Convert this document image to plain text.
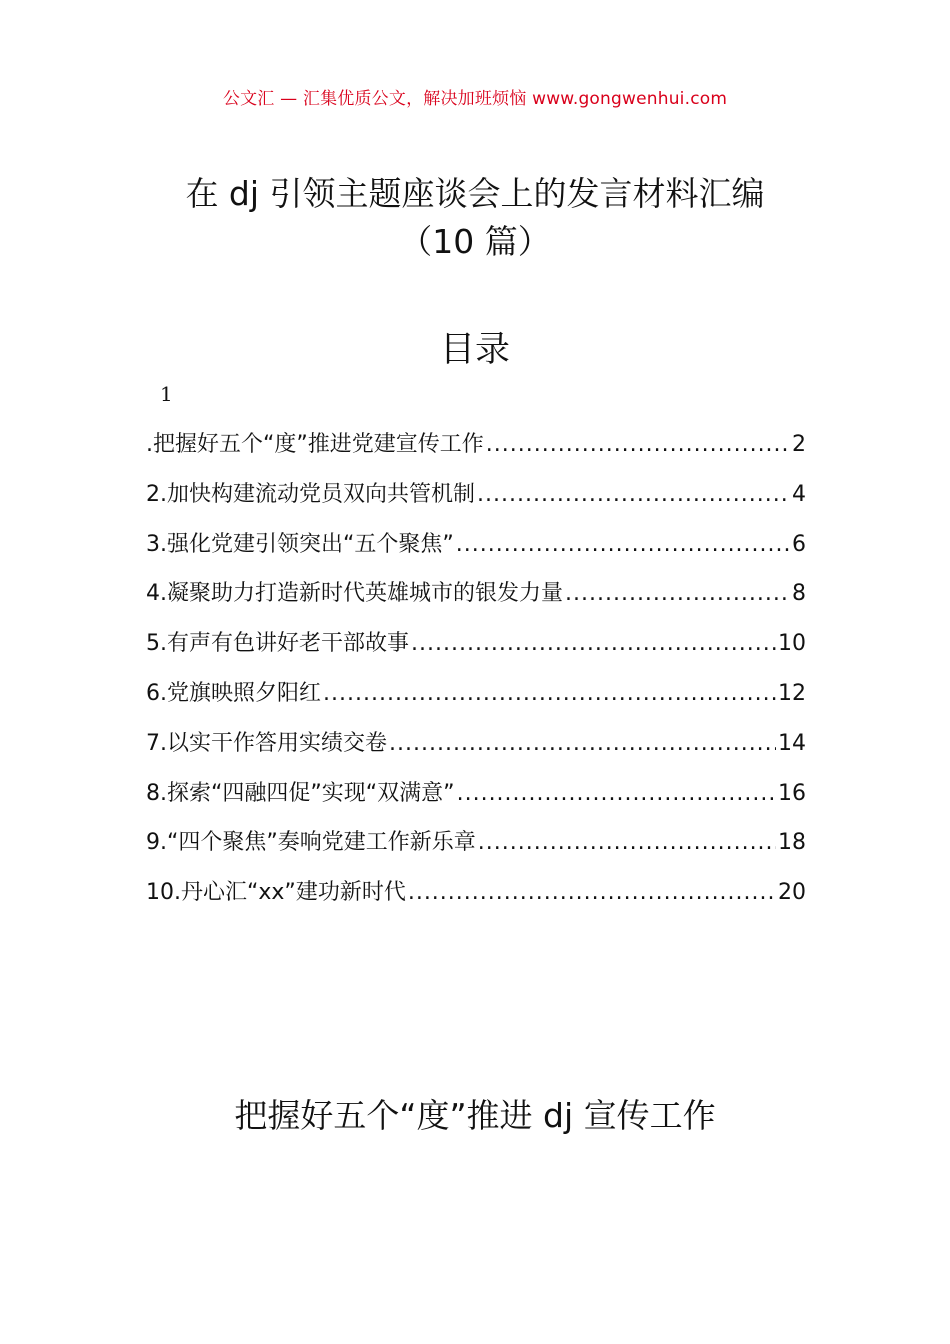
公文汇 — 汇集优质公文，解决加班烦恼 www.gongwenhui.com
在 dj 引领主题座谈会上的发言材料汇编
（10 篇）
目录
1
.把握好五个“度”推进党建宣传工作 .....	2
2.加快构建流动党员双向共管机制 .....	4
3.强化党建引领突出“五个聚焦” .....	6
4.凝聚助力打造新时代英雄城市的银发力量 .....	8
5.有声有色讲好老干部故事 .....	10
6.党旗映照夕阳红 .....	12
7.以实干作答用实绩交卷 .....	14
8.探索“四融四促”实现“双满意” .....	16
9.“四个聚焦”奏响党建工作新乐章 .....	18
10.丹心汇“xx”建功新时代 .....	20
把握好五个“度”推进 dj 宣传工作
